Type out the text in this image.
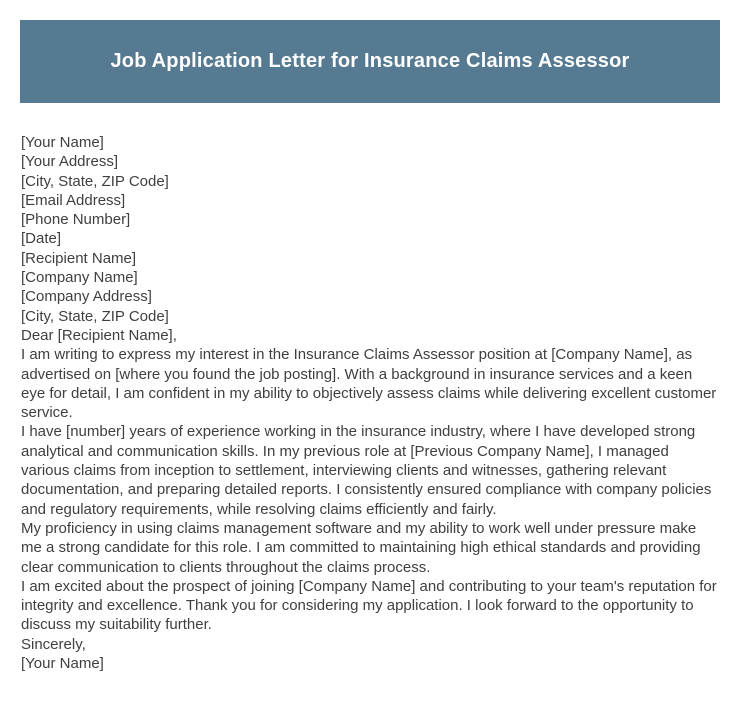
Job Application Letter for Insurance Claims Assessor
[Your Name]
[Your Address]
[City, State, ZIP Code]
[Email Address]
[Phone Number]
[Date]
[Recipient Name]
[Company Name]
[Company Address]
[City, State, ZIP Code]
Dear [Recipient Name],

I am writing to express my interest in the Insurance Claims Assessor position at [Company Name], as advertised on [where you found the job posting]. With a background in insurance services and a keen eye for detail, I am confident in my ability to objectively assess claims while delivering excellent customer service.

I have [number] years of experience working in the insurance industry, where I have developed strong analytical and communication skills. In my previous role at [Previous Company Name], I managed various claims from inception to settlement, interviewing clients and witnesses, gathering relevant documentation, and preparing detailed reports. I consistently ensured compliance with company policies and regulatory requirements, while resolving claims efficiently and fairly.

My proficiency in using claims management software and my ability to work well under pressure make me a strong candidate for this role. I am committed to maintaining high ethical standards and providing clear communication to clients throughout the claims process.

I am excited about the prospect of joining [Company Name] and contributing to your team's reputation for integrity and excellence. Thank you for considering my application. I look forward to the opportunity to discuss my suitability further.

Sincerely,
[Your Name]
